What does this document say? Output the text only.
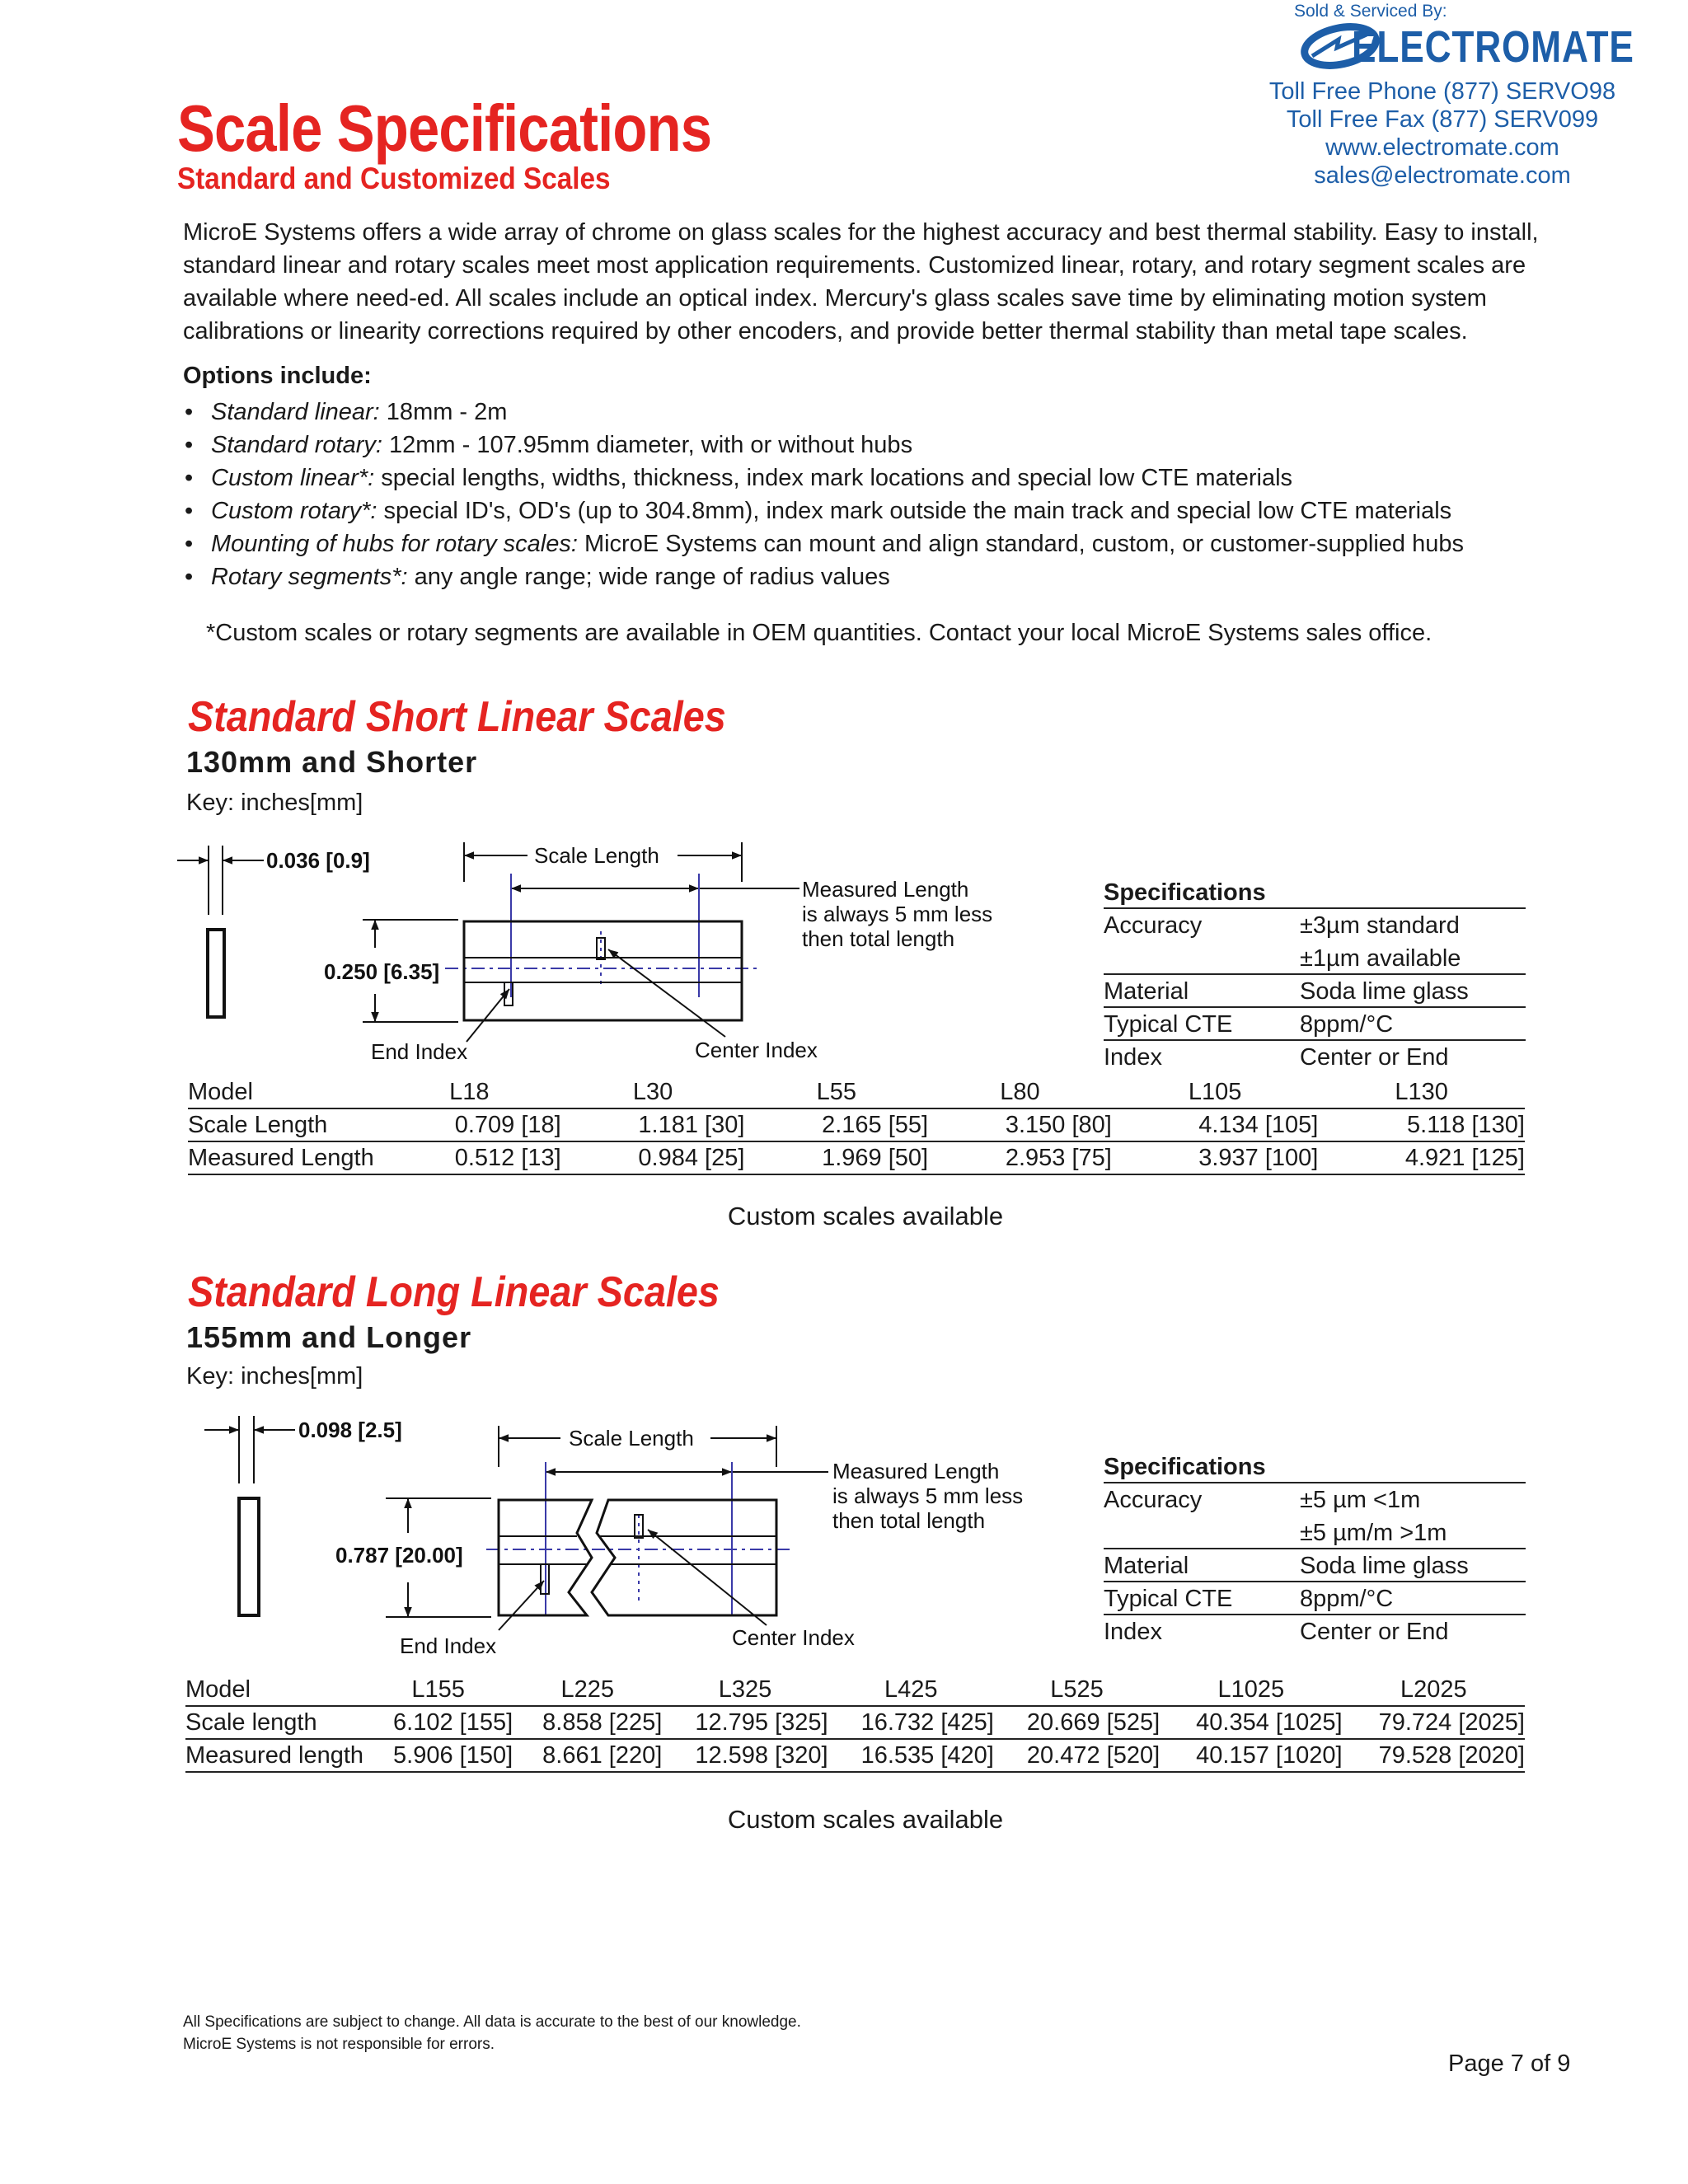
Sold & Serviced By:
ELECTROMATE
Toll Free Phone (877) SERVO98
Toll Free Fax (877) SERV099
www.electromate.com
sales@electromate.com
Scale Specifications
Standard and Customized Scales
MicroE Systems offers a wide array of chrome on glass scales for the highest accuracy and best thermal stability. Easy to install, standard linear and rotary scales meet most application requirements. Customized linear, rotary, and rotary segment scales are available where need-ed. All scales include an optical index. Mercury's glass scales save time by eliminating motion system calibrations or linearity corrections required by other encoders, and provide better thermal stability than metal tape scales.
Options include:
• Standard linear: 18mm - 2m
• Standard rotary: 12mm - 107.95mm diameter, with or without hubs
• Custom linear*: special lengths, widths, thickness, index mark locations and special low CTE materials
• Custom rotary*: special ID's, OD's (up to 304.8mm), index mark outside the main track and special low CTE materials
• Mounting of hubs for rotary scales: MicroE Systems can mount and align standard, custom, or customer-supplied hubs
• Rotary segments*: any angle range; wide range of radius values
*Custom scales or rotary segments are available in OEM quantities. Contact your local MicroE Systems sales office.
Standard Short Linear Scales
130mm and Shorter
Key: inches[mm]
0.036 [0.9]	Scale Length
Measured Length
is always 5 mm less
then total length
0.250 [6.35]
End Index	Center Index
0.098 [2.5]	Scale Length
Measured Length
is always 5 mm less
then total length
0.787 [20.00]
End Index	Center Index
Specifications
Accuracy	±3µm standard
±1µm available
Material	Soda lime glass
Typical CTE	8ppm/°C
Index	Center or End
Model	L18	L30	L55	L80	L105	L130
Scale Length	0.709 [18]	1.181 [30]	2.165 [55]	3.150 [80]	4.134 [105]	5.118 [130]
Measured Length	0.512 [13]	0.984 [25]	1.969 [50]	2.953 [75]	3.937 [100]	4.921 [125]
Custom scales available
Standard Long Linear Scales
155mm and Longer
Key: inches[mm]
Specifications
Accuracy	±5 µm <1m
±5 µm/m >1m
Material	Soda lime glass
Typical CTE	8ppm/°C
Index	Center or End
Model	L155	L225	L325	L425	L525	L1025	L2025
Scale length	6.102 [155]	8.858 [225]	12.795 [325]	16.732 [425]	20.669 [525]	40.354 [1025]	79.724 [2025]
Measured length	5.906 [150]	8.661 [220]	12.598 [320]	16.535 [420]	20.472 [520]	40.157 [1020]	79.528 [2020]
Custom scales available
All Specifications are subject to change. All data is accurate to the best of our knowledge.
MicroE Systems is not responsible for errors.
Page 7 of 9
